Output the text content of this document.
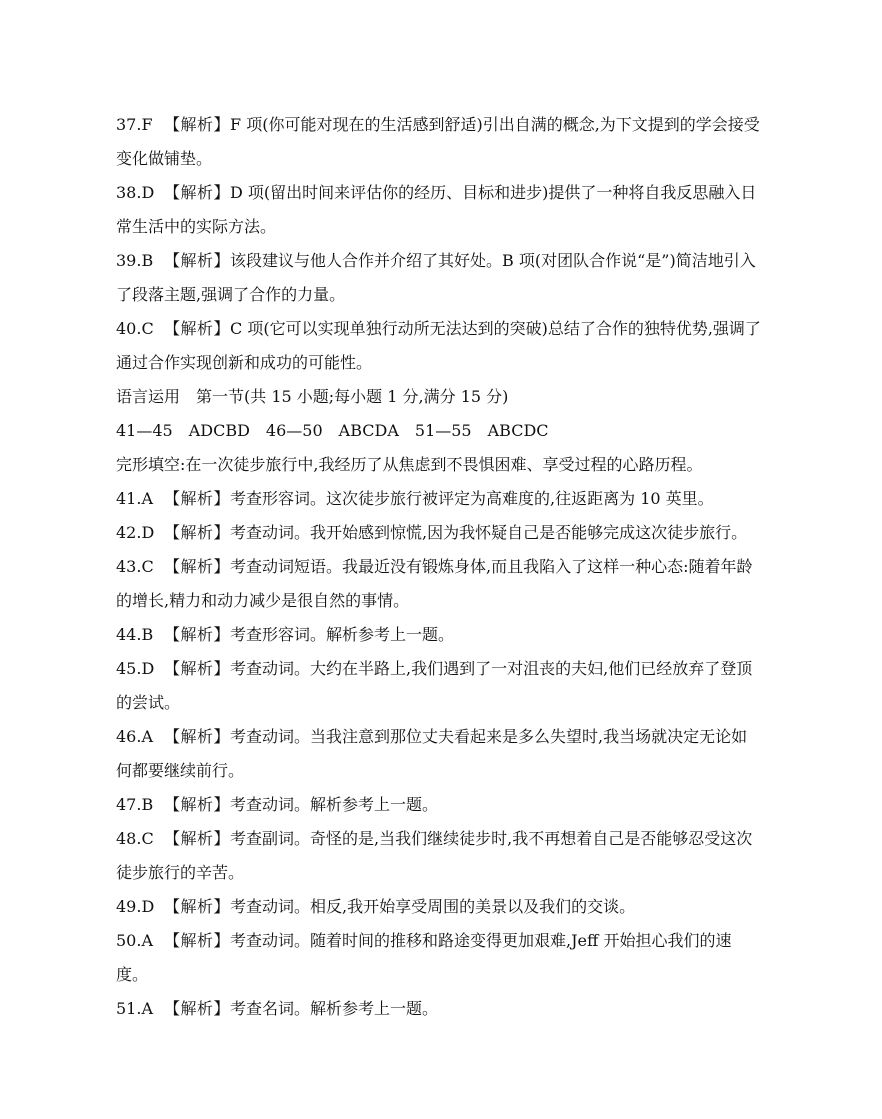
37.F 【解析】F 项(你可能对现在的生活感到舒适)引出自满的概念,为下文提到的学会接受变化做铺垫。

38.D 【解析】D 项(留出时间来评估你的经历、目标和进步)提供了一种将自我反思融入日常生活中的实际方法。

39.B 【解析】该段建议与他人合作并介绍了其好处。B 项(对团队合作说“是”)简洁地引入了段落主题,强调了合作的力量。

40.C 【解析】C 项(它可以实现单独行动所无法达到的突破)总结了合作的独特优势,强调了通过合作实现创新和成功的可能性。

语言运用　第一节(共 15 小题;每小题 1 分,满分 15 分)

41—45　ADCBD　46—50　ABCDA　51—55　ABCDC

完形填空:在一次徒步旅行中,我经历了从焦虑到不畏惧困难、享受过程的心路历程。

41.A 【解析】考查形容词。这次徒步旅行被评定为高难度的,往返距离为 10 英里。

42.D 【解析】考查动词。我开始感到惊慌,因为我怀疑自己是否能够完成这次徒步旅行。

43.C 【解析】考查动词短语。我最近没有锻炼身体,而且我陷入了这样一种心态:随着年龄的增长,精力和动力减少是很自然的事情。

44.B 【解析】考查形容词。解析参考上一题。

45.D 【解析】考查动词。大约在半路上,我们遇到了一对沮丧的夫妇,他们已经放弃了登顶的尝试。

46.A 【解析】考查动词。当我注意到那位丈夫看起来是多么失望时,我当场就决定无论如何都要继续前行。

47.B 【解析】考查动词。解析参考上一题。

48.C 【解析】考查副词。奇怪的是,当我们继续徒步时,我不再想着自己是否能够忍受这次徒步旅行的辛苦。

49.D 【解析】考查动词。相反,我开始享受周围的美景以及我们的交谈。

50.A 【解析】考查动词。随着时间的推移和路途变得更加艰难,Jeff 开始担心我们的速度。

51.A 【解析】考查名词。解析参考上一题。
